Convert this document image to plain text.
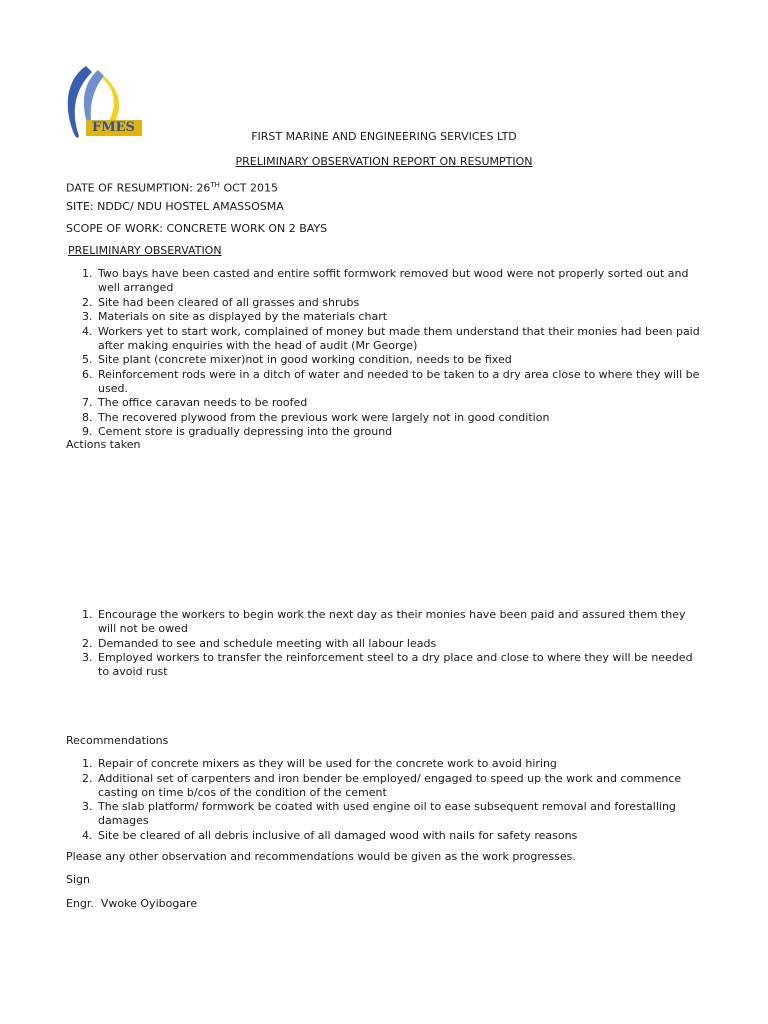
FMES
FIRST MARINE AND ENGINEERING SERVICES LTD
PRELIMINARY OBSERVATION REPORT ON RESUMPTION
DATE OF RESUMPTION: 26TH OCT 2015
SITE: NDDC/ NDU HOSTEL AMASSOSMA
SCOPE OF WORK: CONCRETE WORK ON 2 BAYS
PRELIMINARY OBSERVATION
1. Two bays have been casted and entire soffit formwork removed but wood were not properly sorted out and well arranged
2. Site had been cleared of all grasses and shrubs
3. Materials on site as displayed by the materials chart
4. Workers yet to start work, complained of money but made them understand that their monies had been paid after making enquiries with the head of audit (Mr George)
5. Site plant (concrete mixer)not in good working condition, needs to be fixed
6. Reinforcement rods were in a ditch of water and needed to be taken to a dry area close to where they will be used.
7. The office caravan needs to be roofed
8. The recovered plywood from the previous work were largely not in good condition
9. Cement store is gradually depressing into the ground
Actions taken
1. Encourage the workers to begin work the next day as their monies have been paid and assured them they will not be owed
2. Demanded to see and schedule meeting with all labour leads
3. Employed workers to transfer the reinforcement steel to a dry place and close to where they will be needed to avoid rust
Recommendations
1. Repair of concrete mixers as they will be used for the concrete work to avoid hiring
2. Additional set of carpenters and iron bender be employed/ engaged to speed up the work and commence casting on time b/cos of the condition of the cement
3. The slab platform/ formwork be coated with used engine oil to ease subsequent removal and forestalling damages
4. Site be cleared of all debris inclusive of all damaged wood with nails for safety reasons
Please any other observation and recommendations would be given as the work progresses.
Sign
Engr.  Vwoke Oyibogare
